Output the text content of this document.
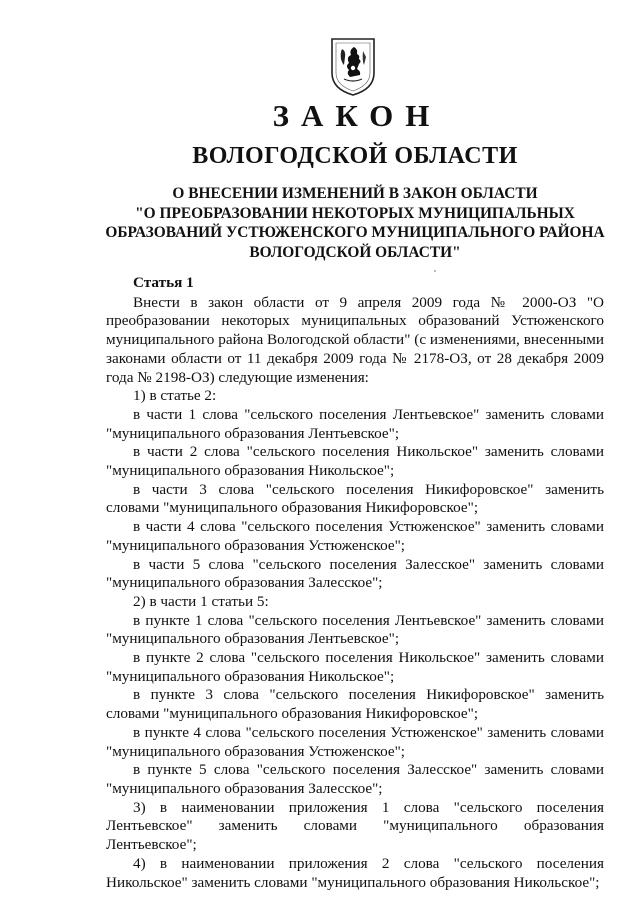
ЗАКОН
ВОЛОГОДСКОЙ ОБЛАСТИ
О ВНЕСЕНИИ ИЗМЕНЕНИЙ В ЗАКОН ОБЛАСТИ
"О ПРЕОБРАЗОВАНИИ НЕКОТОРЫХ МУНИЦИПАЛЬНЫХ
ОБРАЗОВАНИЙ УСТЮЖЕНСКОГО МУНИЦИПАЛЬНОГО РАЙОНА
ВОЛОГОДСКОЙ ОБЛАСТИ"
Статья 1

Внести в закон области от 9 апреля 2009 года № 2000-ОЗ "О преобразовании некоторых муниципальных образований Устюженского муниципального района Вологодской области" (с изменениями, внесенными законами области от 11 декабря 2009 года № 2178-ОЗ, от 28 декабря 2009 года № 2198-ОЗ) следующие изменения:

1) в статье 2:

в части 1 слова "сельского поселения Лентьевское" заменить словами "муниципального образования Лентьевское";

в части 2 слова "сельского поселения Никольское" заменить словами "муниципального образования Никольское";

в части 3 слова "сельского поселения Никифоровское" заменить словами "муниципального образования Никифоровское";

в части 4 слова "сельского поселения Устюженское" заменить словами "муниципального образования Устюженское";

в части 5 слова "сельского поселения Залесское" заменить словами "муниципального образования Залесское";

2) в части 1 статьи 5:

в пункте 1 слова "сельского поселения Лентьевское" заменить словами "муниципального образования Лентьевское";

в пункте 2 слова "сельского поселения Никольское" заменить словами "муниципального образования Никольское";

в пункте 3 слова "сельского поселения Никифоровское" заменить словами "муниципального образования Никифоровское";

в пункте 4 слова "сельского поселения Устюженское" заменить словами "муниципального образования Устюженское";

в пункте 5 слова "сельского поселения Залесское" заменить словами "муниципального образования Залесское";

3) в наименовании приложения 1 слова "сельского поселения Лентьевское" заменить словами "муниципального образования Лентьевское";

4) в наименовании приложения 2 слова "сельского поселения Никольское" заменить словами "муниципального образования Никольское";
